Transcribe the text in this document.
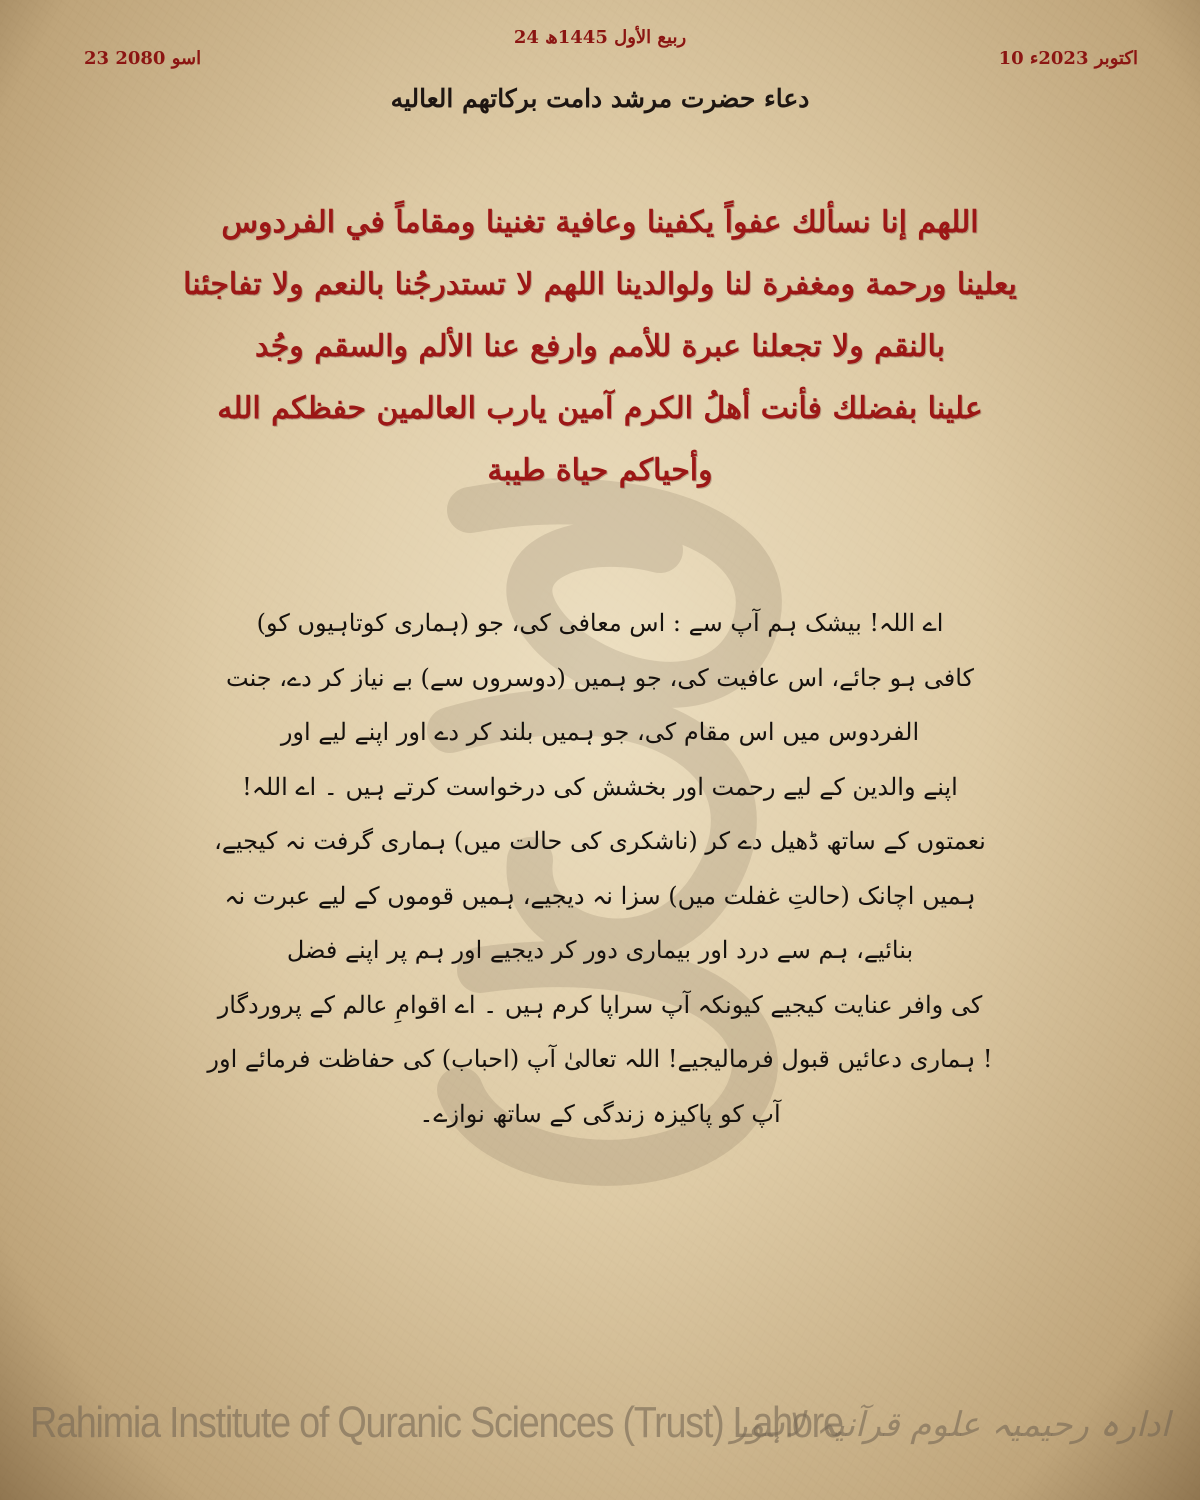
24 ربیع الأول 1445ھ
10 اکتوبر 2023ء
23 اسو 2080
دعاء حضرت مرشد دامت برکاتهم العالیه
اللهم إنا نسألك عفواً يكفينا وعافية تغنينا ومقاماً في الفردوس
يعلينا ورحمة ومغفرة لنا ولوالدينا اللهم لا تستدرجُنا بالنعم ولا تفاجئنا
بالنقم ولا تجعلنا عبرة للأمم وارفع عنا الألم والسقم وجُد
علينا بفضلك فأنت أهلُ الكرم آمين يارب العالمين حفظكم الله
وأحياكم حياة طيبة
اے اللہ! بیشک ہم آپ سے : اس معافی کی، جو (ہماری کوتاہیوں کو)
کافی ہو جائے، اس عافیت کی، جو ہمیں (دوسروں سے) بے نیاز کر دے، جنت
الفردوس میں اس مقام کی، جو ہمیں بلند کر دے اور اپنے لیے اور
اپنے والدین کے لیے رحمت اور بخشش کی درخواست کرتے ہیں ۔ اے اللہ!
نعمتوں کے ساتھ ڈھیل دے کر (ناشکری کی حالت میں) ہماری گرفت نہ کیجیے،
ہمیں اچانک (حالتِ غفلت میں) سزا نہ دیجیے، ہمیں قوموں کے لیے عبرت نہ
بنائیے، ہم سے درد اور بیماری دور کر دیجیے اور ہم پر اپنے فضل
کی وافر عنایت کیجیے کیونکہ آپ سراپا کرم ہیں ۔ اے اقوامِ عالم کے پروردگار
! ہماری دعائیں قبول فرمالیجیے! اللہ تعالیٰ آپ (احباب) کی حفاظت فرمائے اور
آپ کو پاکیزہ زندگی کے ساتھ نوازے۔
Rahimia Institute of Quranic Sciences (Trust) Lahore
ادارہ رحیمیہ علوم قرآنیہ لاہور
